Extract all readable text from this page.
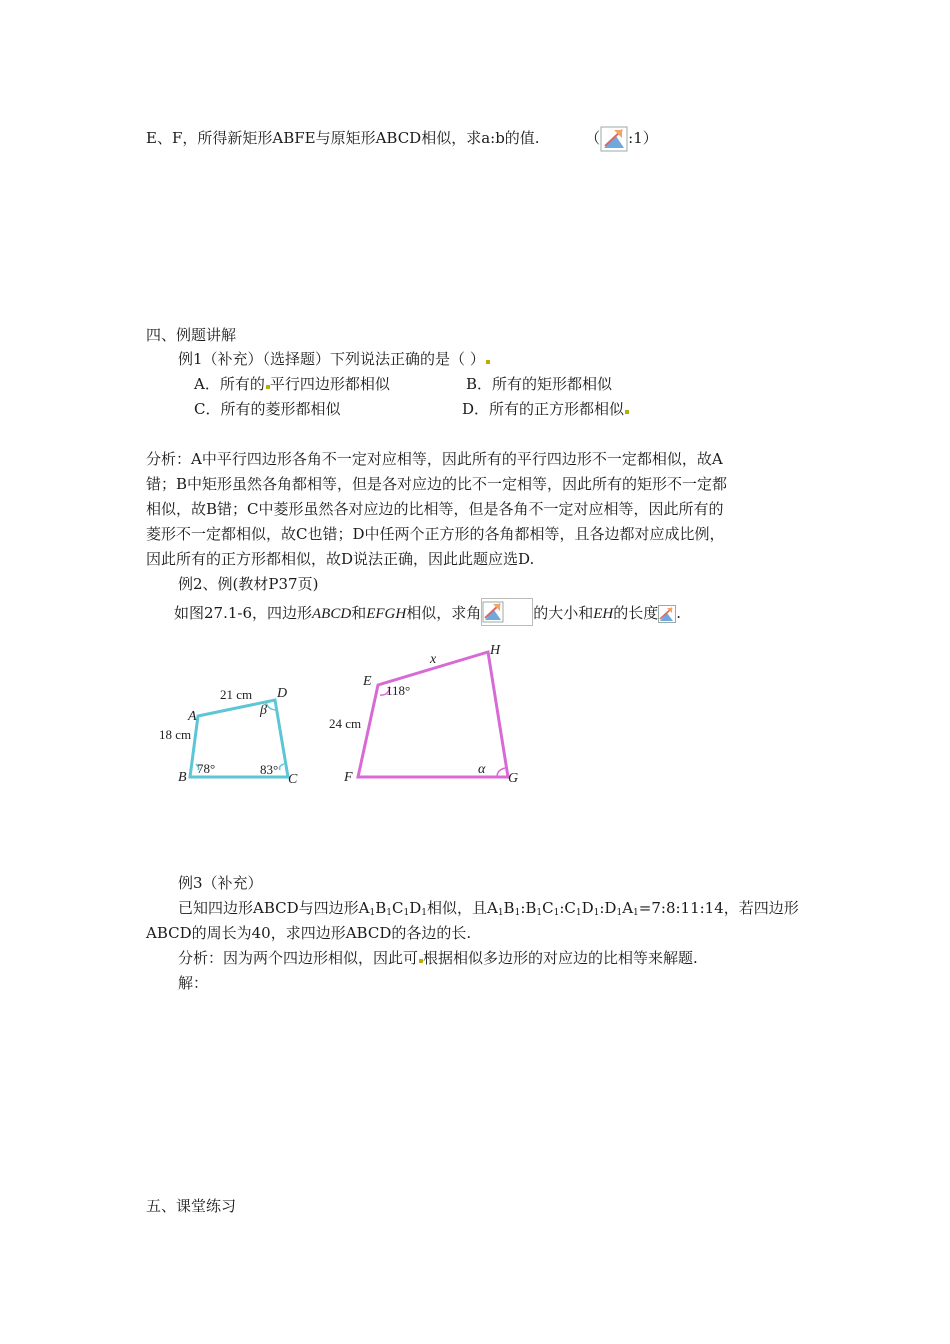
E、F，所得新矩形ABFE与原矩形ABCD相似，求a:b的值.	（ :1）
四、例题讲解
例1（补充）（选择题）下列说法正确的是（ ）
A．所有的 平行四边形都相似	B．所有的矩形都相似
C．所有的菱形都相似	D．所有的正方形都相似
分析：A中平行四边形各角不一定对应相等，因此所有的平行四边形不一定都相似，故A
错；B中矩形虽然各角都相等，但是各对应边的比不一定相等，因此所有的矩形不一定都
相似，故B错；C中菱形虽然各对应边的比相等，但是各角不一定对应相等，因此所有的
菱形不一定都相似，故C也错；D中任两个正方形的各角都相等，且各边都对应成比例，
因此所有的正方形都相似，故D说法正确，因此此题应选D.
例2、例(教材P37页)
如图27.1-6，四边形ABCD和EFGH相似，求角	的大小和EH的长度 .
A
B	C
D
21 cm
18 cm
78°	83°
β
E
F	G
H
x
24 cm
118°
α
例3（补充）
已知四边形ABCD与四边形$A_1B_1C_1D_1$相似，且$A_1B_1:B_1C_1:C_1D_1:D_1A_1=7:8:11:14$，若四边形
ABCD的周长为40，求四边形ABCD的各边的长.
分析：因为两个四边形相似，因此可 根据相似多边形的对应边的比相等来解题.
解：
五、课堂练习
